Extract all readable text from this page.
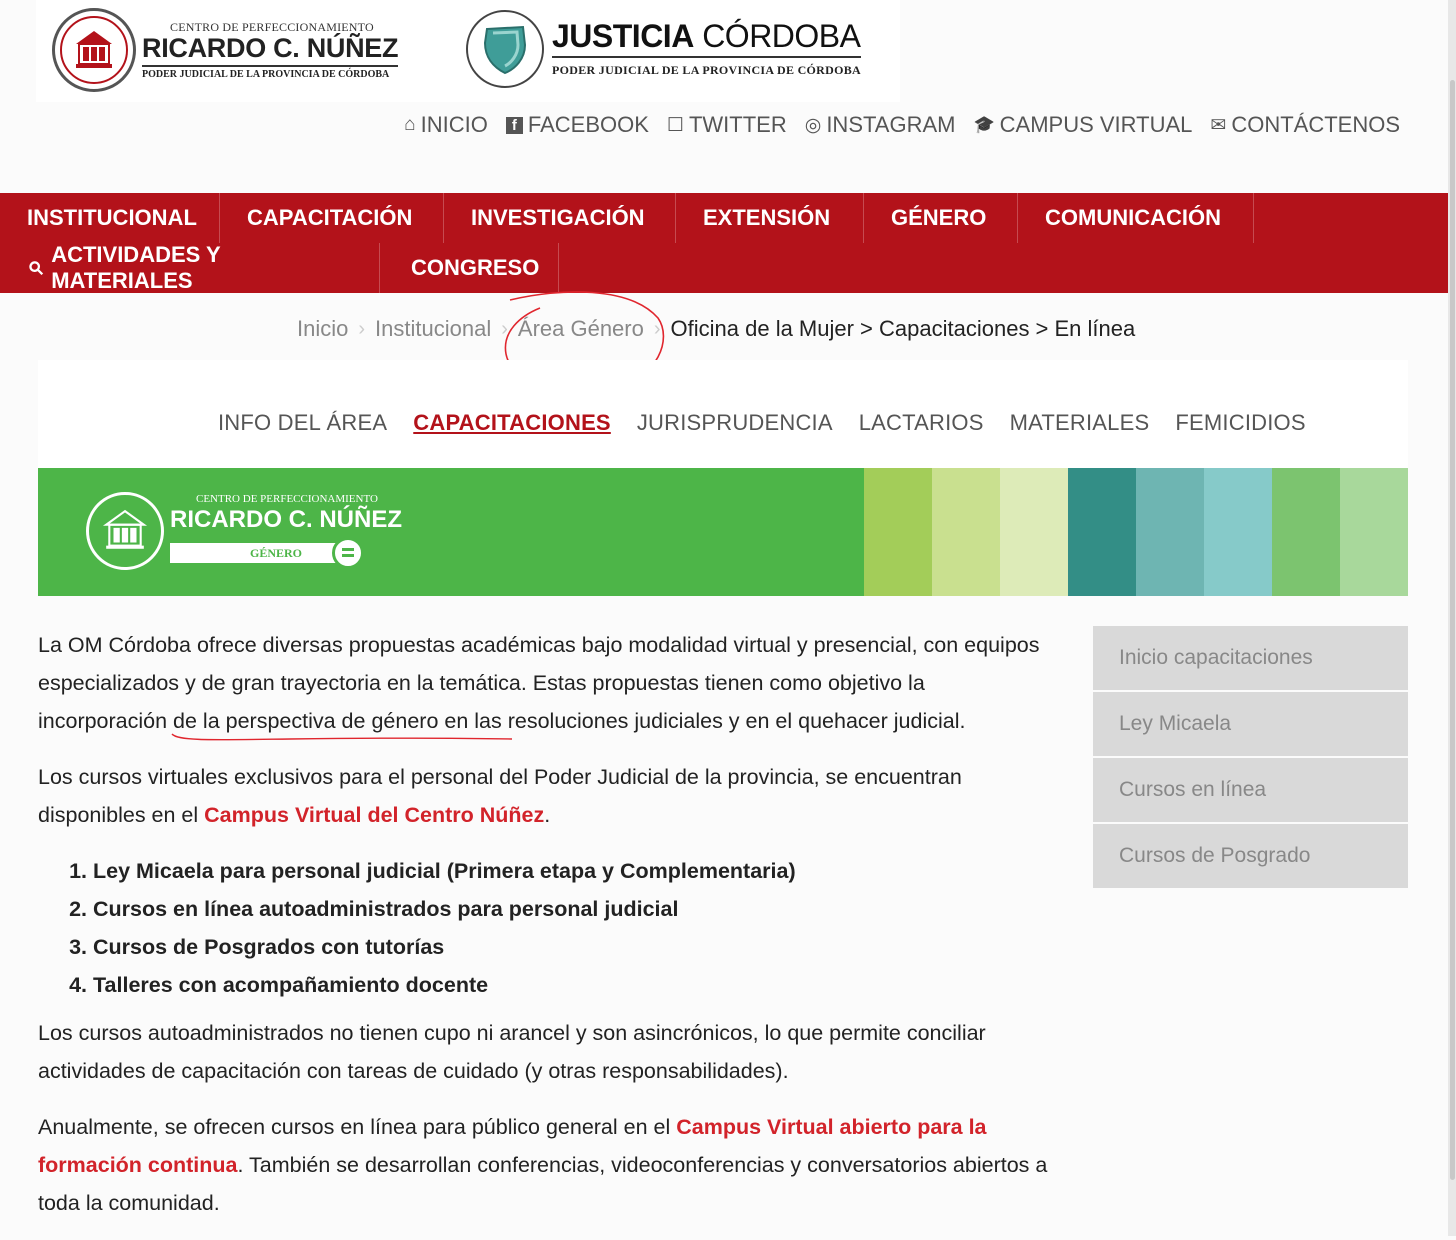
CENTRO DE PERFECCIONAMIENTO
RICARDO C. NÚÑEZ
PODER JUDICIAL DE LA PROVINCIA DE CÓRDOBA
JUSTICIA CÓRDOBA
PODER JUDICIAL DE LA PROVINCIA DE CÓRDOBA
⌂ INICIO	f FACEBOOK ☐ TWITTER ◎ INSTAGRAM 🎓 CAMPUS VIRTUAL ✉ CONTÁCTENOS
INSTITUCIONAL	CAPACITACIÓN	INVESTIGACIÓN	EXTENSIÓN	GÉNERO	COMUNICACIÓN
⚲
ACTIVIDADES Y MATERIALES
CONGRESO
Inicio › Institucional › Área Género › Oficina de la Mujer > Capacitaciones > En línea
INFO DEL ÁREA CAPACITACIONES JURISPRUDENCIA LACTARIOS MATERIALES FEMICIDIOS
CENTRO DE PERFECCIONAMIENTO
RICARDO C. NÚÑEZ
GÉNERO

La OM Córdoba ofrece diversas propuestas académicas bajo modalidad virtual y presencial, con equipos especializados y de gran trayectoria en la temática. Estas propuestas tienen como objetivo la incorporación de la perspectiva de género en las resoluciones judiciales y en el quehacer judicial.

Los cursos virtuales exclusivos para el personal del Poder Judicial de la provincia, se encuentran disponibles en el Campus Virtual del Centro Núñez.

1. Ley Micaela para personal judicial (Primera etapa y Complementaria)
2. Cursos en línea autoadministrados para personal judicial
3. Cursos de Posgrados con tutorías
4. Talleres con acompañamiento docente

Los cursos autoadministrados no tienen cupo ni arancel y son asincrónicos, lo que permite conciliar actividades de capacitación con tareas de cuidado (y otras responsabilidades).

Anualmente, se ofrecen cursos en línea para público general en el Campus Virtual abierto para la formación continua. También se desarrollan conferencias, videoconferencias y conversatorios abiertos a toda la comunidad.

Inicio capacitaciones
Ley Micaela
Cursos en línea
Cursos de Posgrado
